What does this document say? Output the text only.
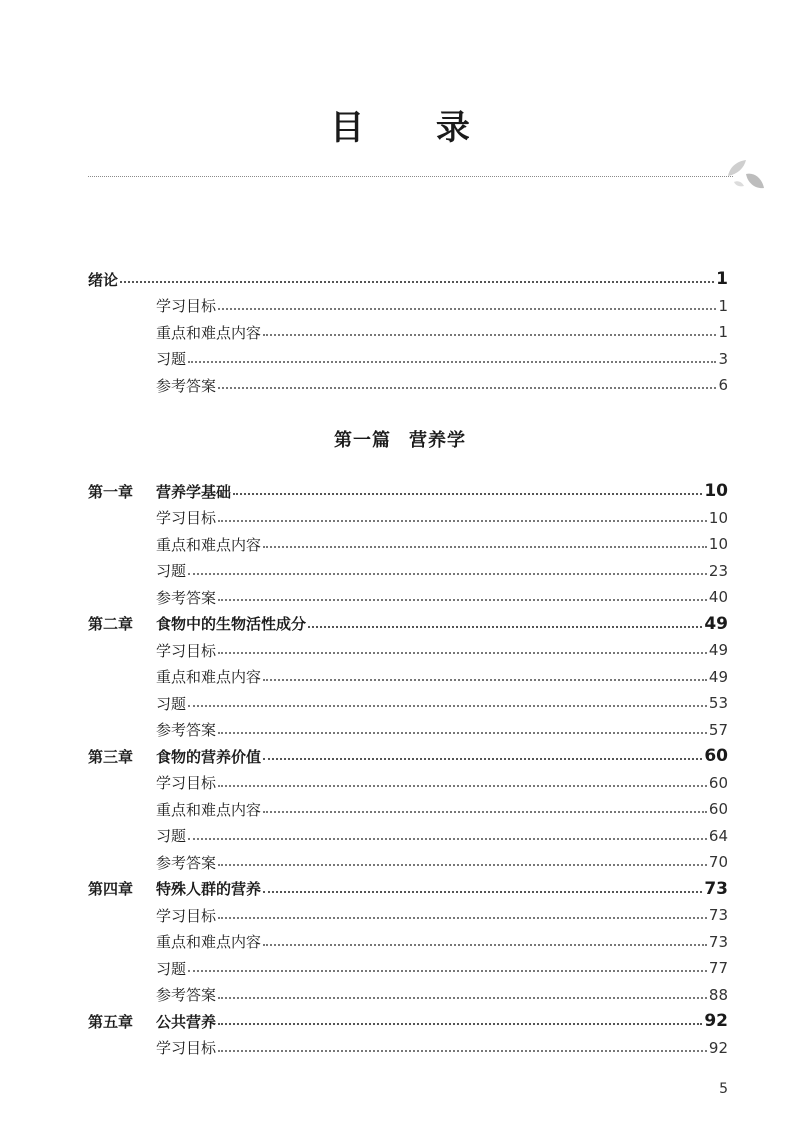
目 录
绪论	1
学习目标	1
重点和难点内容	1
习题	3
参考答案	6
第一篇 营养学
第一章	营养学基础	10
学习目标	10
重点和难点内容	10
习题	23
参考答案	40
第二章	食物中的生物活性成分	49
学习目标	49
重点和难点内容	49
习题	53
参考答案	57
第三章	食物的营养价值	60
学习目标	60
重点和难点内容	60
习题	64
参考答案	70
第四章	特殊人群的营养	73
学习目标	73
重点和难点内容	73
习题	77
参考答案	88
第五章	公共营养	92
学习目标	92
5
